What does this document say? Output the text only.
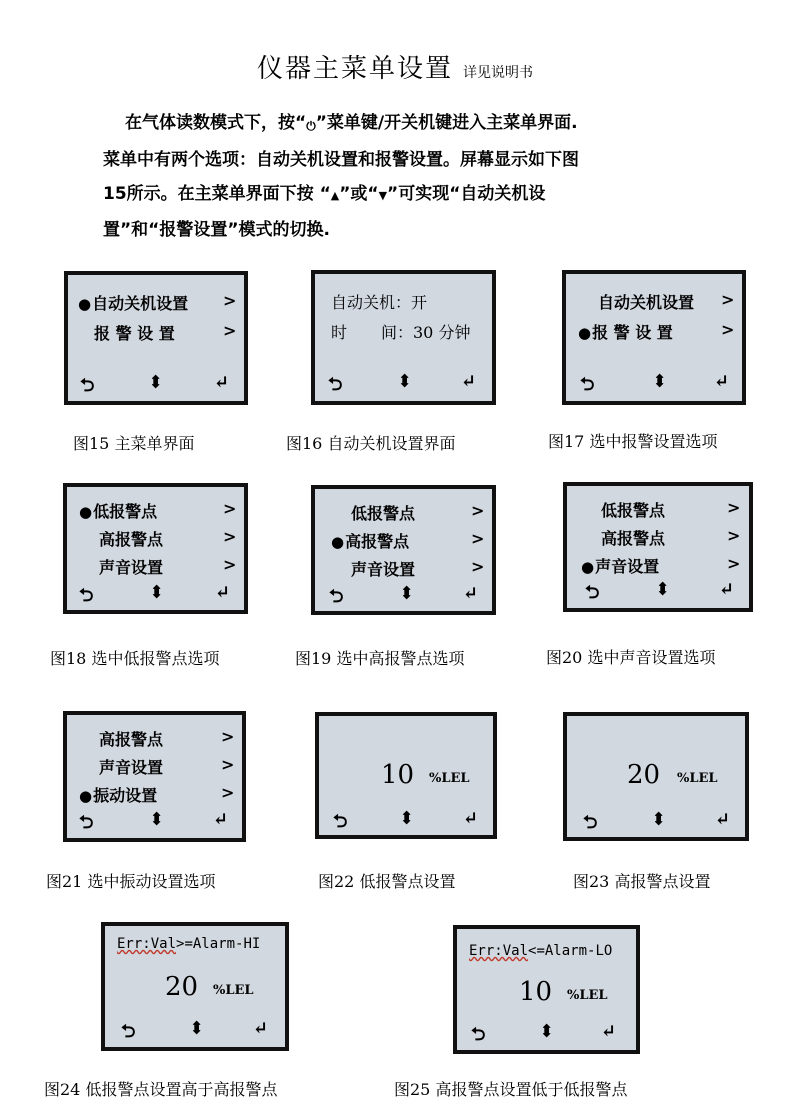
仪器主菜单设置 详见说明书

在气体读数模式下，按“⏻”菜单键/开关机键进入主菜单界面.

菜单中有两个选项：自动关机设置和报警设置。屏幕显示如下图

15所示。在主菜单界面下按 “▲”或“▼”可实现“自动关机设

置”和“报警设置”模式的切换.

●自动关机设置 >
报 警 设 置	>
⮌	⬍	↵
图15 主菜单界面
自动关机：开
时 间：30 分钟
⮌	⬍	↵
图16 自动关机设置界面
自动关机设置 >
●报 警 设 置	>
⮌	⬍	↵
图17 选中报警设置选项
●低报警点	>
高报警点	>
声音设置	>
⮌	⬍	↵
图18 选中低报警点选项
低报警点	>
●高报警点	>
声音设置	>
⮌	⬍	↵
图19 选中高报警点选项
低报警点	>
高报警点	>
●声音设置	>
⮌	⬍	↵
图20 选中声音设置选项
高报警点	>
声音设置	>
●振动设置	>
⮌	⬍	↵
图21 选中振动设置选项
10 %LEL
⮌	⬍	↵
图22 低报警点设置
20 %LEL
⮌	⬍	↵
图23 高报警点设置
Err:Val>=Alarm-HI
20 %LEL
⮌	⬍	↵
图24 低报警点设置高于高报警点
Err:Val<=Alarm-LO
10 %LEL
⮌	⬍	↵
图25 高报警点设置低于低报警点
